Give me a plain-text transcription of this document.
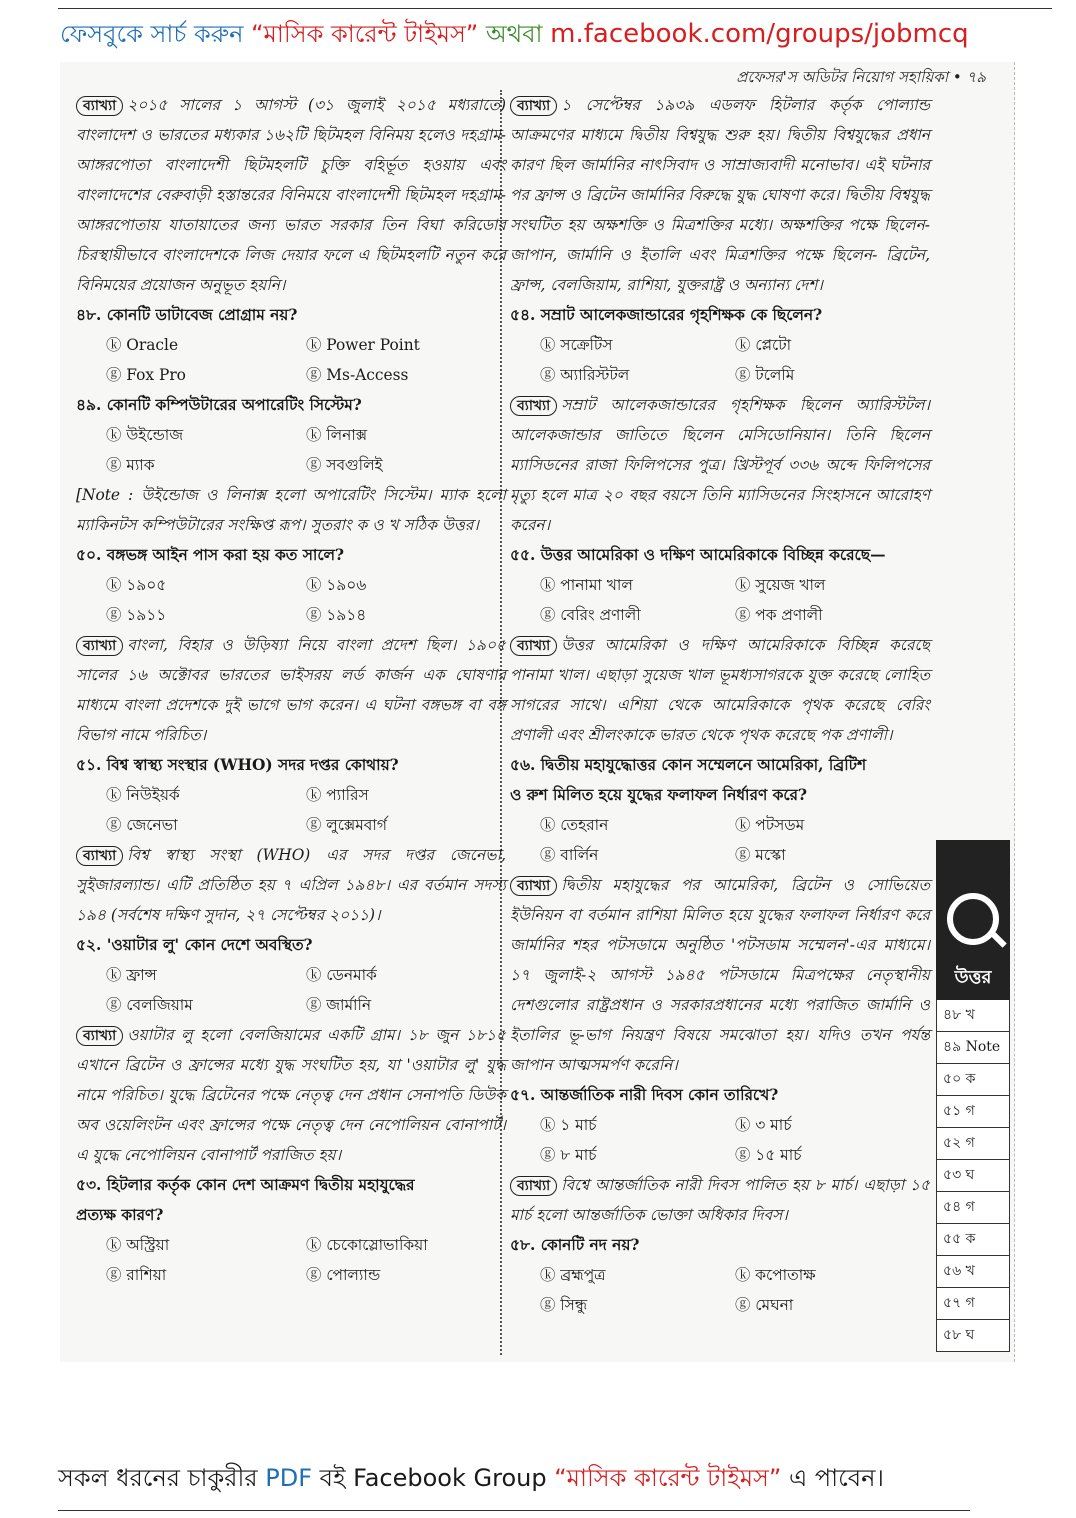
ফেসবুকে সার্চ করুন “মাসিক কারেন্ট টাইমস” অথবা m.facebook.com/groups/jobmcq
প্রফেসর'স অডিটর নিয়োগ সহায়িকা • ৭৯
ব্যাখ্যা ২০১৫ সালের ১ আগস্ট (৩১ জুলাই ২০১৫ মধ্যরাতে) বাংলাদেশ ও ভারতের মধ্যকার ১৬২টি ছিটমহল বিনিময় হলেও দহগ্রাম-আঙ্গরপোতা বাংলাদেশী ছিটমহলটি চুক্তি বহির্ভূত হওয়ায় এবং বাংলাদেশের বেরুবাড়ী হস্তান্তরের বিনিময়ে বাংলাদেশী ছিটমহল দহগ্রাম-আঙ্গরপোতায় যাতায়াতের জন্য ভারত সরকার তিন বিঘা করিডোর চিরস্থায়ীভাবে বাংলাদেশকে লিজ দেয়ার ফলে এ ছিটমহলটি নতুন করে বিনিময়ের প্রয়োজন অনুভূত হয়নি।
৪৮. কোনটি ডাটাবেজ প্রোগ্রাম নয়?
ⓚ Oracle	ⓚ Power Point
ⓖ Fox Pro	ⓖ Ms-Access
৪৯. কোনটি কম্পিউটারের অপারেটিং সিস্টেম?
ⓚ উইন্ডোজ	ⓚ লিনাক্স
ⓖ ম্যাক	ⓖ সবগুলিই
[Note : উইন্ডোজ ও লিনাক্স হলো অপারেটিং সিস্টেম। ম্যাক হলো ম্যাকিনটস কম্পিউটারের সংক্ষিপ্ত রূপ। সুতরাং ক ও খ সঠিক উত্তর।
৫০. বঙ্গভঙ্গ আইন পাস করা হয় কত সালে?
ⓚ ১৯০৫	ⓚ ১৯০৬
ⓖ ১৯১১	ⓖ ১৯১৪
ব্যাখ্যা বাংলা, বিহার ও উড়িষ্যা নিয়ে বাংলা প্রদেশ ছিল। ১৯০৫ সালের ১৬ অক্টোবর ভারতের ভাইসরয় লর্ড কার্জন এক ঘোষণার মাধ্যমে বাংলা প্রদেশকে দুই ভাগে ভাগ করেন। এ ঘটনা বঙ্গভঙ্গ বা বঙ্গ বিভাগ নামে পরিচিত।
৫১. বিশ্ব স্বাস্থ্য সংস্থার (WHO) সদর দপ্তর কোথায়?
ⓚ নিউইয়র্ক	ⓚ প্যারিস
ⓖ জেনেভা	ⓖ লুক্সেমবার্গ
ব্যাখ্যা বিশ্ব স্বাস্থ্য সংস্থা (WHO) এর সদর দপ্তর জেনেভা, সুইজারল্যান্ড। এটি প্রতিষ্ঠিত হয় ৭ এপ্রিল ১৯৪৮। এর বর্তমান সদস্য ১৯৪ (সর্বশেষ দক্ষিণ সুদান, ২৭ সেপ্টেম্বর ২০১১)।
৫২. 'ওয়াটার লু' কোন দেশে অবস্থিত?
ⓚ ফ্রান্স	ⓚ ডেনমার্ক
ⓖ বেলজিয়াম	ⓖ জার্মানি
ব্যাখ্যা ওয়াটার লু হলো বেলজিয়ামের একটি গ্রাম। ১৮ জুন ১৮১৫ এখানে ব্রিটেন ও ফ্রান্সের মধ্যে যুদ্ধ সংঘটিত হয়, যা 'ওয়াটার লু' যুদ্ধ নামে পরিচিত। যুদ্ধে ব্রিটেনের পক্ষে নেতৃত্ব দেন প্রধান সেনাপতি ডিউক অব ওয়েলিংটন এবং ফ্রান্সের পক্ষে নেতৃত্ব দেন নেপোলিয়ন বোনাপার্ট। এ যুদ্ধে নেপোলিয়ন বোনাপার্ট পরাজিত হয়।
৫৩. হিটলার কর্তৃক কোন দেশ আক্রমণ দ্বিতীয় মহাযুদ্ধের
প্রত্যক্ষ কারণ?
ⓚ অস্ট্রিয়া	ⓚ চেকোস্লোভাকিয়া
ⓖ রাশিয়া	ⓖ পোল্যান্ড
ব্যাখ্যা ১ সেপ্টেম্বর ১৯৩৯ এডলফ হিটলার কর্তৃক পোল্যান্ড আক্রমণের মাধ্যমে দ্বিতীয় বিশ্বযুদ্ধ শুরু হয়। দ্বিতীয় বিশ্বযুদ্ধের প্রধান কারণ ছিল জার্মানির নাৎসিবাদ ও সাম্রাজ্যবাদী মনোভাব। এই ঘটনার পর ফ্রান্স ও ব্রিটেন জার্মানির বিরুদ্ধে যুদ্ধ ঘোষণা করে। দ্বিতীয় বিশ্বযুদ্ধ সংঘটিত হয় অক্ষশক্তি ও মিত্রশক্তির মধ্যে। অক্ষশক্তির পক্ষে ছিলেন- জাপান, জার্মানি ও ইতালি এবং মিত্রশক্তির পক্ষে ছিলেন- ব্রিটেন, ফ্রান্স, বেলজিয়াম, রাশিয়া, যুক্তরাষ্ট্র ও অন্যান্য দেশ।
৫৪. সম্রাট আলেকজান্ডারের গৃহশিক্ষক কে ছিলেন?
ⓚ সক্রেটিস	ⓚ প্লেটো
ⓖ অ্যারিস্টটল	ⓖ টলেমি
ব্যাখ্যা সম্রাট আলেকজান্ডারের গৃহশিক্ষক ছিলেন অ্যারিস্টটল। আলেকজান্ডার জাতিতে ছিলেন মেসিডোনিয়ান। তিনি ছিলেন ম্যাসিডনের রাজা ফিলিপসের পুত্র। খ্রিস্টপূর্ব ৩৩৬ অব্দে ফিলিপসের মৃত্যু হলে মাত্র ২০ বছর বয়সে তিনি ম্যাসিডনের সিংহাসনে আরোহণ করেন।
৫৫. উত্তর আমেরিকা ও দক্ষিণ আমেরিকাকে বিচ্ছিন্ন করেছে—
ⓚ পানামা খাল	ⓚ সুয়েজ খাল
ⓖ বেরিং প্রণালী	ⓖ পক প্রণালী
ব্যাখ্যা উত্তর আমেরিকা ও দক্ষিণ আমেরিকাকে বিচ্ছিন্ন করেছে পানামা খাল। এছাড়া সুয়েজ খাল ভূমধ্যসাগরকে যুক্ত করেছে লোহিত সাগরের সাথে। এশিয়া থেকে আমেরিকাকে পৃথক করেছে বেরিং প্রণালী এবং শ্রীলংকাকে ভারত থেকে পৃথক করেছে পক প্রণালী।
৫৬. দ্বিতীয় মহাযুদ্ধোত্তর কোন সম্মেলনে আমেরিকা, ব্রিটিশ
ও রুশ মিলিত হয়ে যুদ্ধের ফলাফল নির্ধারণ করে?
ⓚ তেহরান	ⓚ পটসডম
ⓖ বার্লিন	ⓖ মস্কো
ব্যাখ্যা দ্বিতীয় মহাযুদ্ধের পর আমেরিকা, ব্রিটেন ও সোভিয়েত ইউনিয়ন বা বর্তমান রাশিয়া মিলিত হয়ে যুদ্ধের ফলাফল নির্ধারণ করে জার্মানির শহর পটসডামে অনুষ্ঠিত 'পটসডাম সম্মেলন'-এর মাধ্যমে। ১৭ জুলাই-২ আগস্ট ১৯৪৫ পটসডামে মিত্রপক্ষের নেতৃস্থানীয় দেশগুলোর রাষ্ট্রপ্রধান ও সরকারপ্রধানের মধ্যে পরাজিত জার্মানি ও ইতালির ভূ-ভাগ নিয়ন্ত্রণ বিষয়ে সমঝোতা হয়। যদিও তখন পর্যন্ত জাপান আত্মসমর্পণ করেনি।
৫৭. আন্তর্জাতিক নারী দিবস কোন তারিখে?
ⓚ ১ মার্চ	ⓚ ৩ মার্চ
ⓖ ৮ মার্চ	ⓖ ১৫ মার্চ
ব্যাখ্যা বিশ্বে আন্তর্জাতিক নারী দিবস পালিত হয় ৮ মার্চ। এছাড়া ১৫ মার্চ হলো আন্তর্জাতিক ভোক্তা অধিকার দিবস।
৫৮. কোনটি নদ নয়?
ⓚ ব্রহ্মপুত্র	ⓚ কপোতাক্ষ
ⓖ সিন্ধু	ⓖ মেঘনা
উত্তর
৪৮ খ
৪৯ Note
৫০ ক
৫১ গ
৫২ গ
৫৩ ঘ
৫৪ গ
৫৫ ক
৫৬ খ
৫৭ গ
৫৮ ঘ
সকল ধরনের চাকুরীর PDF বই Facebook Group “মাসিক কারেন্ট টাইমস” এ পাবেন।
